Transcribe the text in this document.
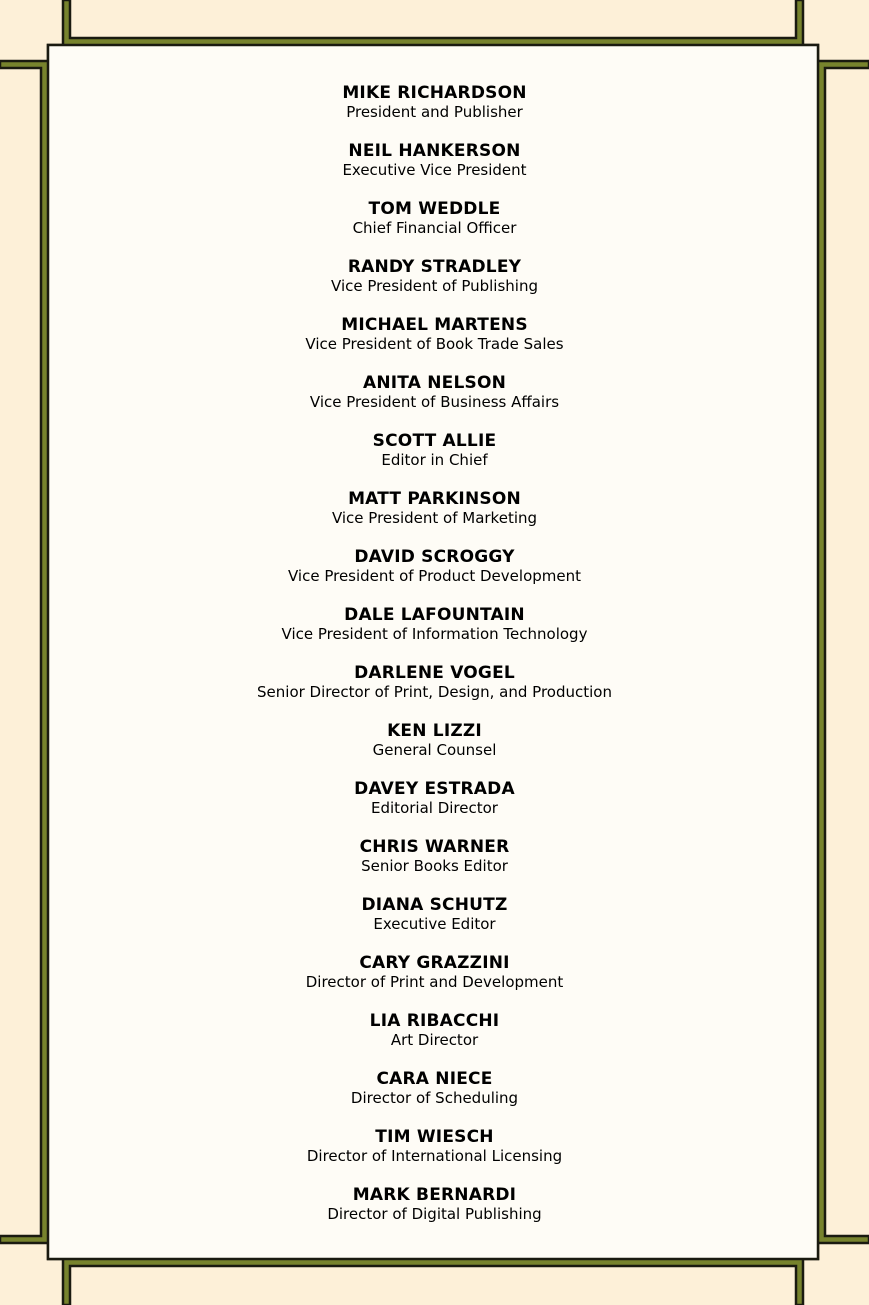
MIKE RICHARDSON
President and Publisher
NEIL HANKERSON
Executive Vice President
TOM WEDDLE
Chief Financial Officer
RANDY STRADLEY
Vice President of Publishing
MICHAEL MARTENS
Vice President of Book Trade Sales
ANITA NELSON
Vice President of Business Affairs
SCOTT ALLIE
Editor in Chief
MATT PARKINSON
Vice President of Marketing
DAVID SCROGGY
Vice President of Product Development
DALE LAFOUNTAIN
Vice President of Information Technology
DARLENE VOGEL
Senior Director of Print, Design, and Production
KEN LIZZI
General Counsel
DAVEY ESTRADA
Editorial Director
CHRIS WARNER
Senior Books Editor
DIANA SCHUTZ
Executive Editor
CARY GRAZZINI
Director of Print and Development
LIA RIBACCHI
Art Director
CARA NIECE
Director of Scheduling
TIM WIESCH
Director of International Licensing
MARK BERNARDI
Director of Digital Publishing
